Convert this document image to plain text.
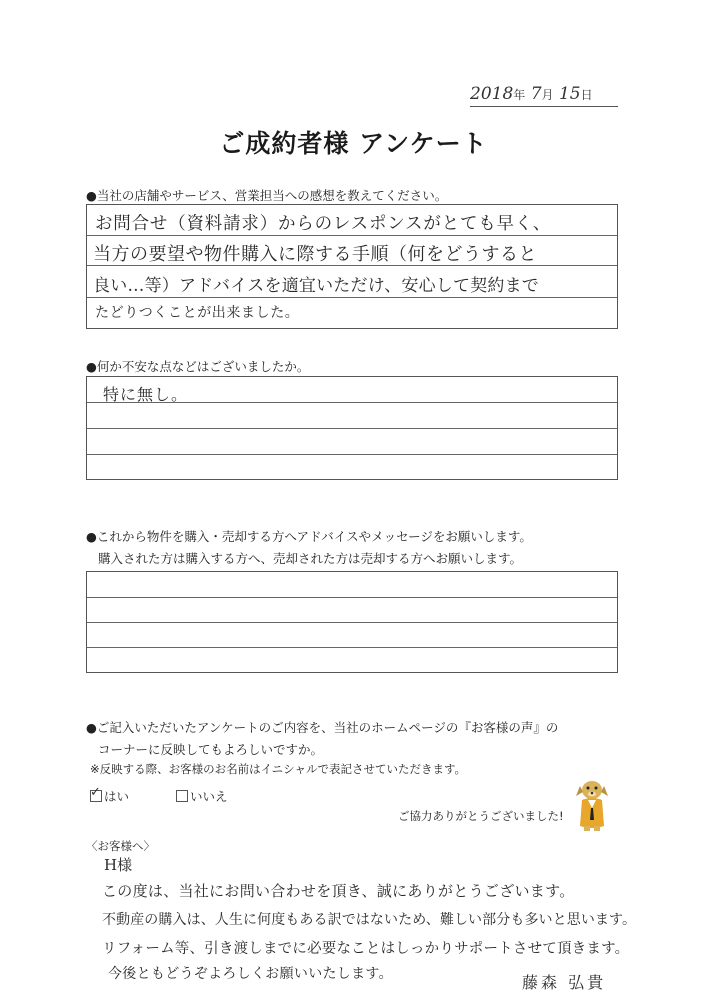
2018年 7月 15日
ご成約者様 アンケート
●当社の店舗やサービス、営業担当への感想を教えてください。
お問合せ（資料請求）からのレスポンスがとても早く、
当方の要望や物件購入に際する手順（何をどうすると
良い…等）アドバイスを適宜いただけ、安心して契約まで
たどりつくことが出来ました。
●何か不安な点などはございましたか。
特に無し。
●これから物件を購入・売却する方へアドバイスやメッセージをお願いします。
購入された方は購入する方へ、売却された方は売却する方へお願いします。
●ご記入いただいたアンケートのご内容を、当社のホームページの『お客様の声』の
コーナーに反映してもよろしいですか。
※反映する際、お客様のお名前はイニシャルで表記させていただきます。
✓はい	いいえ
ご協力ありがとうございました!
〈お客様へ〉
H様
この度は、当社にお問い合わせを頂き、誠にありがとうございます。
不動産の購入は、人生に何度もある訳ではないため、難しい部分も多いと思います。
リフォーム等、引き渡しまでに必要なことはしっかりサポートさせて頂きます。
今後ともどうぞよろしくお願いいたします。	藤森 弘貴
